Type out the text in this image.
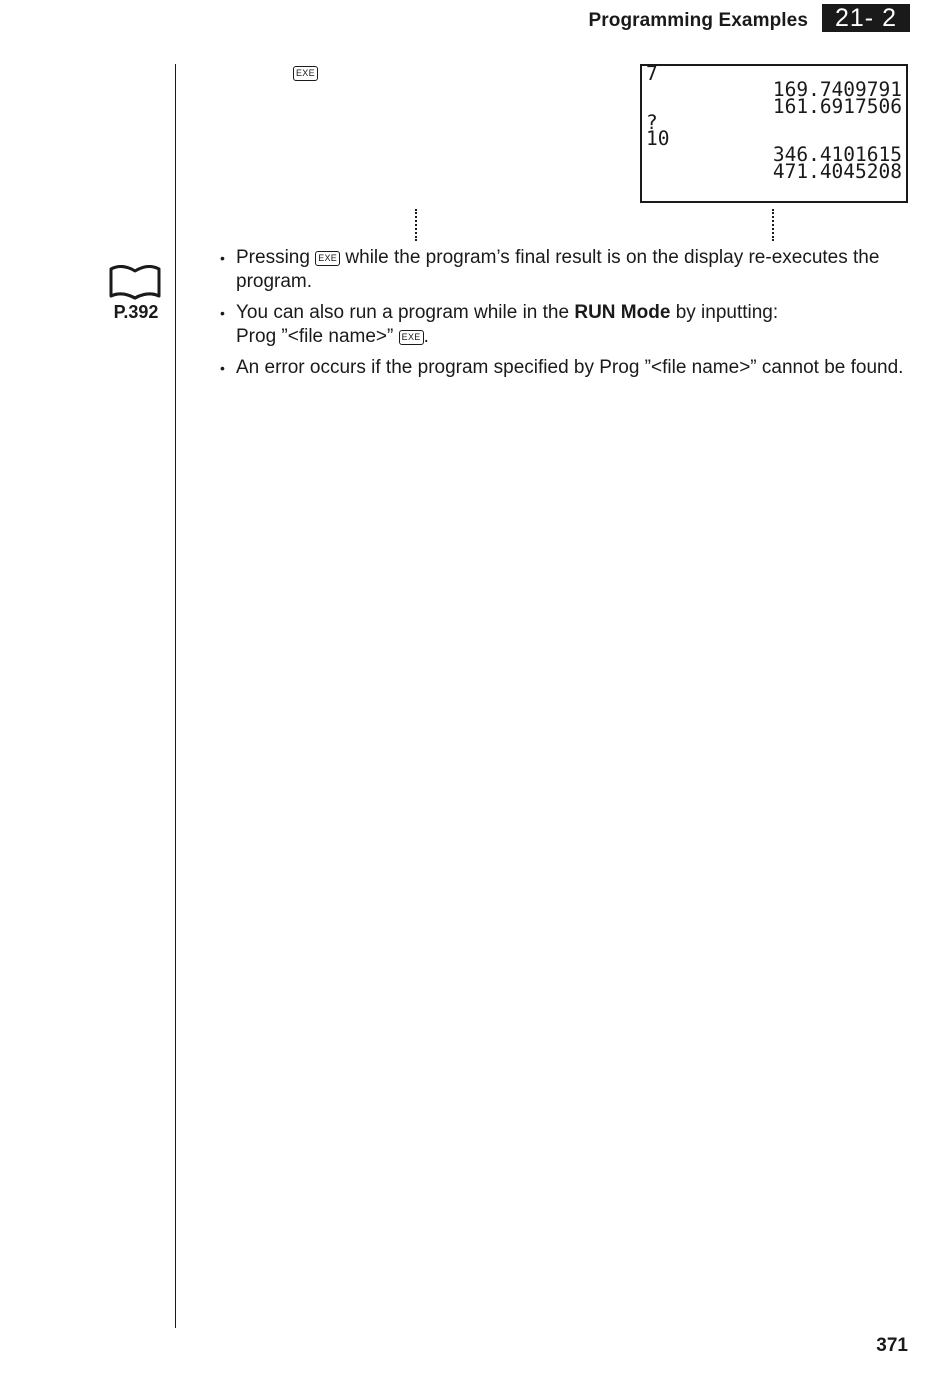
Programming Examples	21- 2
EXE	7
169.7409791
161.6917506
?
10
346.4101615
471.4045208
P.392
• Pressing EXE while the program’s final result is on the display re-executes the program.
• You can also run a program while in the RUN Mode by inputting:
Prog ”<file name>” EXE .
• An error occurs if the program specified by Prog ”<file name>” cannot be found.
371
